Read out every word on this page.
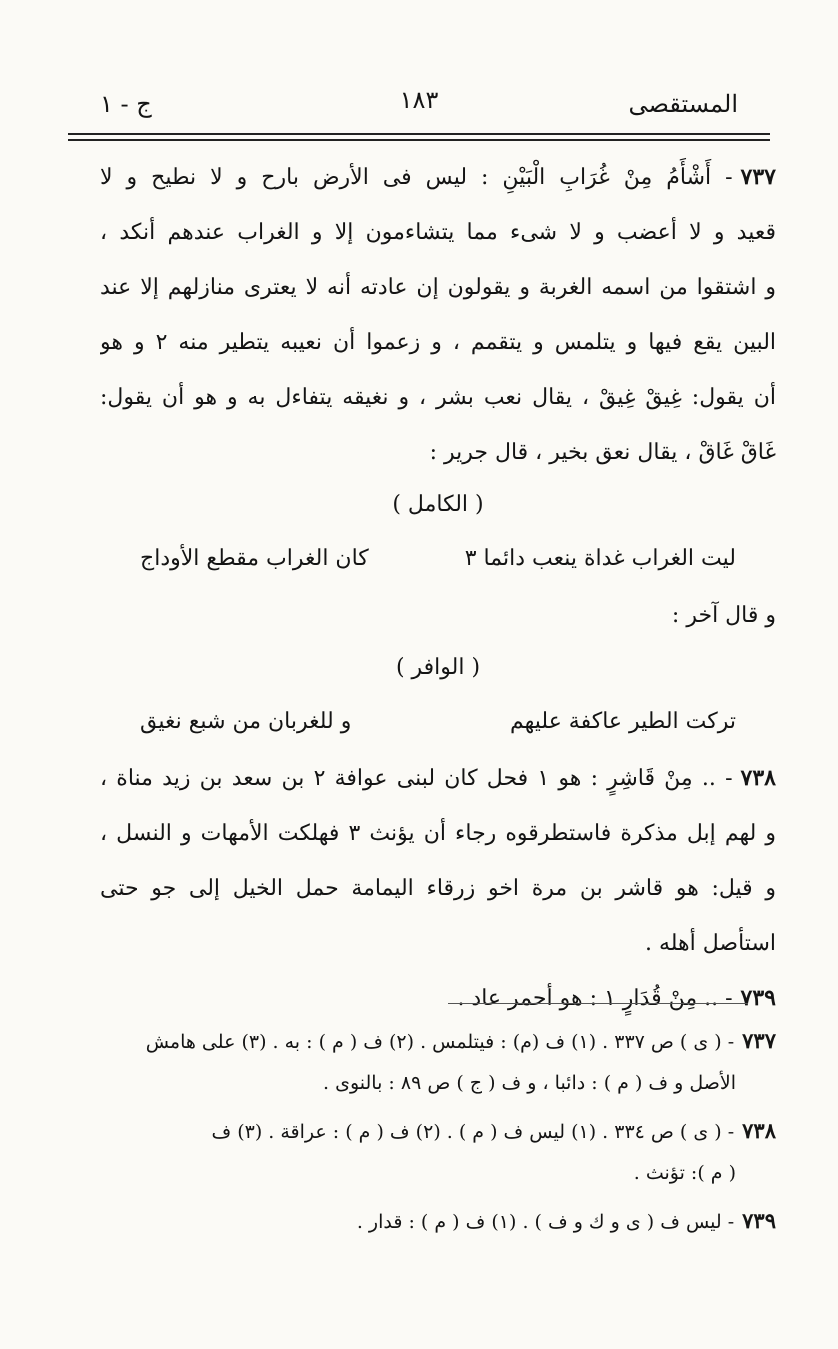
المستقصى
١٨٣
ج - ١
٧٣٧- أَشْأَمُ مِنْ غُرَابِ الْبَيْنِ : ليس فى الأرض بارح و لا نطيح و لا
قعيد و لا أعضب و لا شىء مما يتشاءمون إلا و الغراب عندهم أنكد ،
و اشتقوا من اسمه الغربة و يقولون إن عادته أنه لا يعترى منازلهم إلا عند
البين يقع فيها و يتلمس و يتقمم ، و زعموا أن نعيبه يتطير منه ٢ و هو
أن يقول: غِيقْ غِيقْ ، يقال نعب بشر ، و نغيقه يتفاءل به و هو أن يقول:
غَاقْ غَاقْ ، يقال نعق بخير ، قال جرير :
( الكامل )
ليت الغراب غداة ينعب دائما ٣
كان الغراب مقطع الأوداج
و قال آخر :
( الوافر )
تركت الطير عاكفة عليهم
و للغربان من شبع نغيق
٧٣٨- .. مِنْ قَاشِرٍ : هو ١ فحل كان لبنى عوافة ٢ بن سعد بن زيد مناة ،
و لهم إبل مذكرة فاستطرقوه رجاء أن يؤنث ٣ فهلكت الأمهات و النسل ،
و قيل: هو قاشر بن مرة اخو زرقاء اليمامة حمل الخيل إلى جو حتى
استأصل أهله .
٧٣٩- .. مِنْ قُدَارٍ ١ : هو أحمر عاد .
٧٣٧- ( ى ) ص ٣٣٧ . (١) ف (م) : فيتلمس . (٢) ف ( م ) : به . (٣) على هامش
الأصل و ف ( م ) : دائبا ، و ف ( ج ) ص ٨٩ : بالنوى .
٧٣٨- ( ى ) ص ٣٣٤ . (١) ليس ف ( م ) . (٢) ف ( م ) : عراقة . (٣) ف
( م ): تؤنث .
٧٣٩- ليس ف ( ى و ك و ف ) . (١) ف ( م ) : قدار .
